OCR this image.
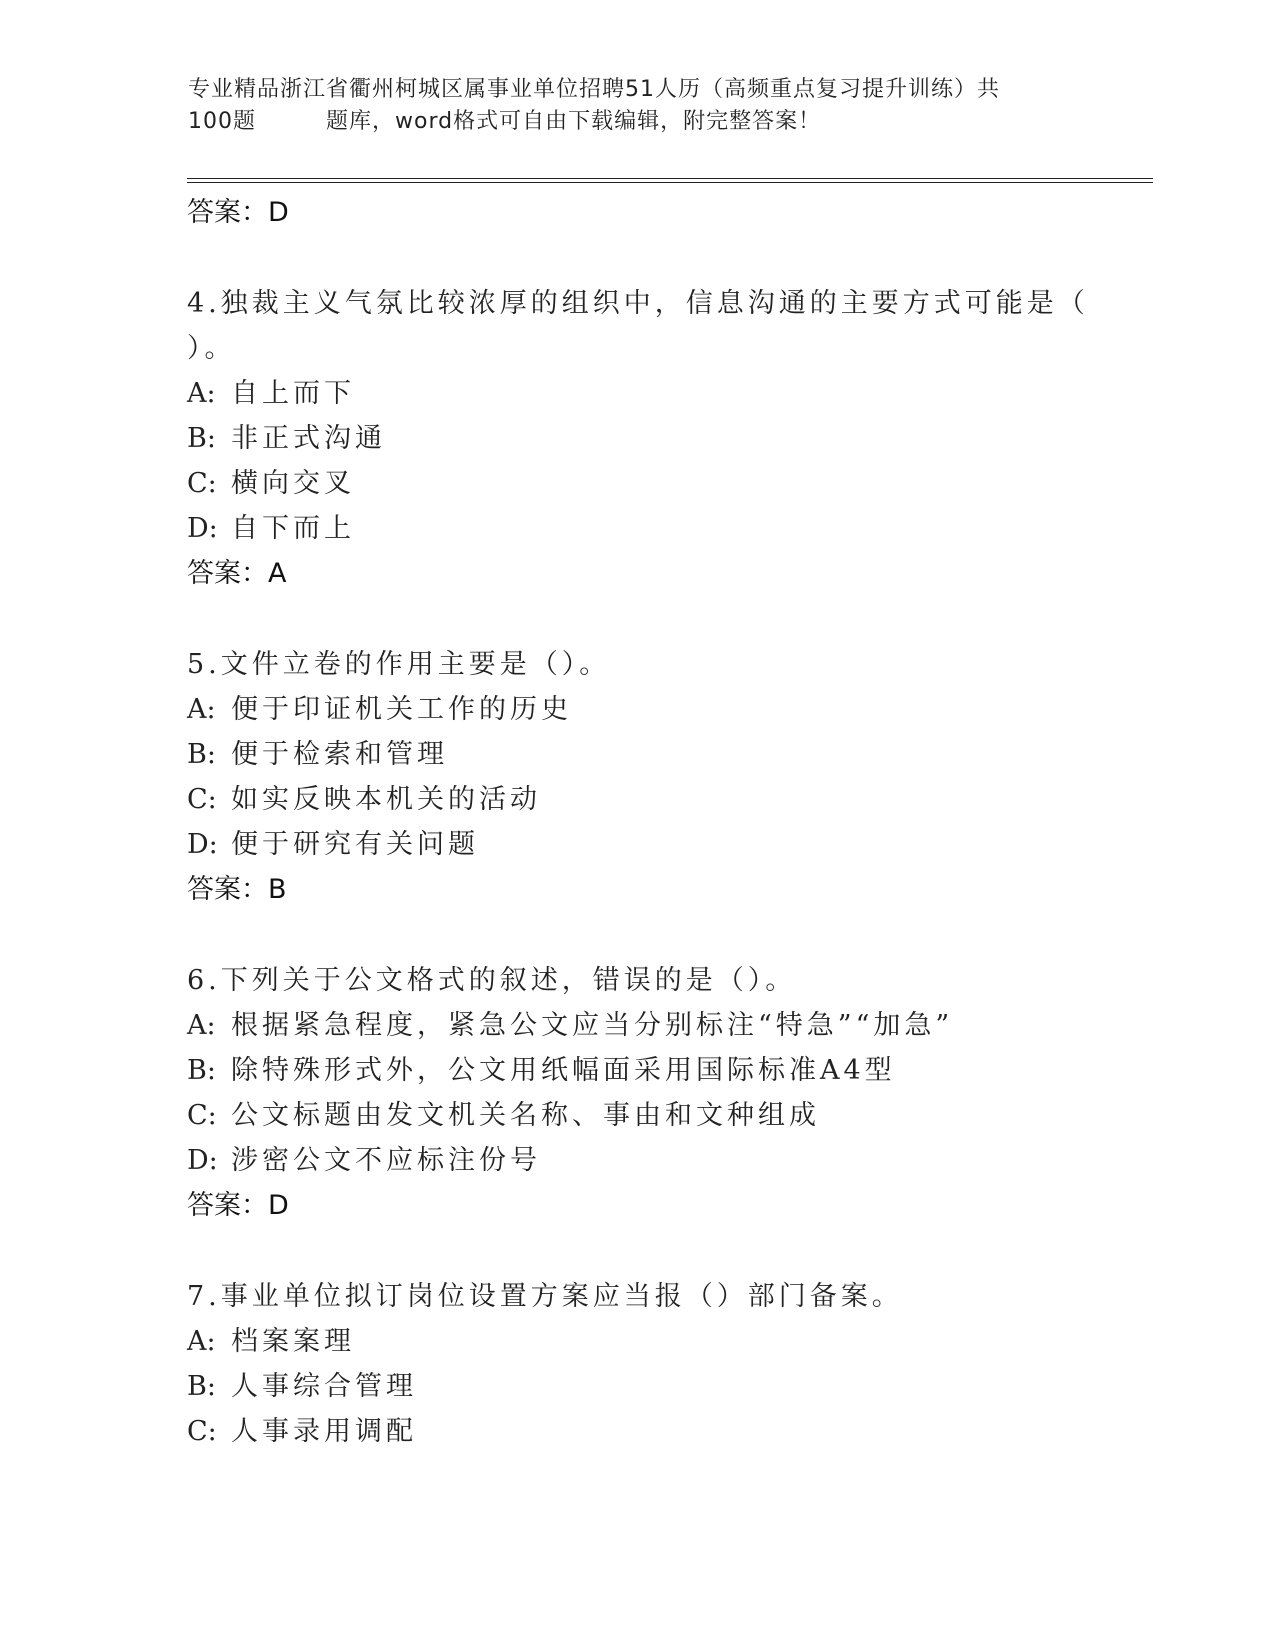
专业精品浙江省衢州柯城区属事业单位招聘51人历（高频重点复习提升训练）共
100题	题库，word格式可自由下载编辑，附完整答案！
答案：D
4.独裁主义气氛比较浓厚的组织中，信息沟通的主要方式可能是（
）。
A: 自上而下
B: 非正式沟通
C: 横向交叉
D: 自下而上
答案：A
5.文件立卷的作用主要是（）。
A: 便于印证机关工作的历史
B: 便于检索和管理
C: 如实反映本机关的活动
D: 便于研究有关问题
答案：B
6.下列关于公文格式的叙述，错误的是（）。
A: 根据紧急程度，紧急公文应当分别标注“特急”“加急”
B: 除特殊形式外，公文用纸幅面采用国际标准A4型
C: 公文标题由发文机关名称、事由和文种组成
D: 涉密公文不应标注份号
答案：D
7.事业单位拟订岗位设置方案应当报（）部门备案。
A: 档案案理
B: 人事综合管理
C: 人事录用调配
